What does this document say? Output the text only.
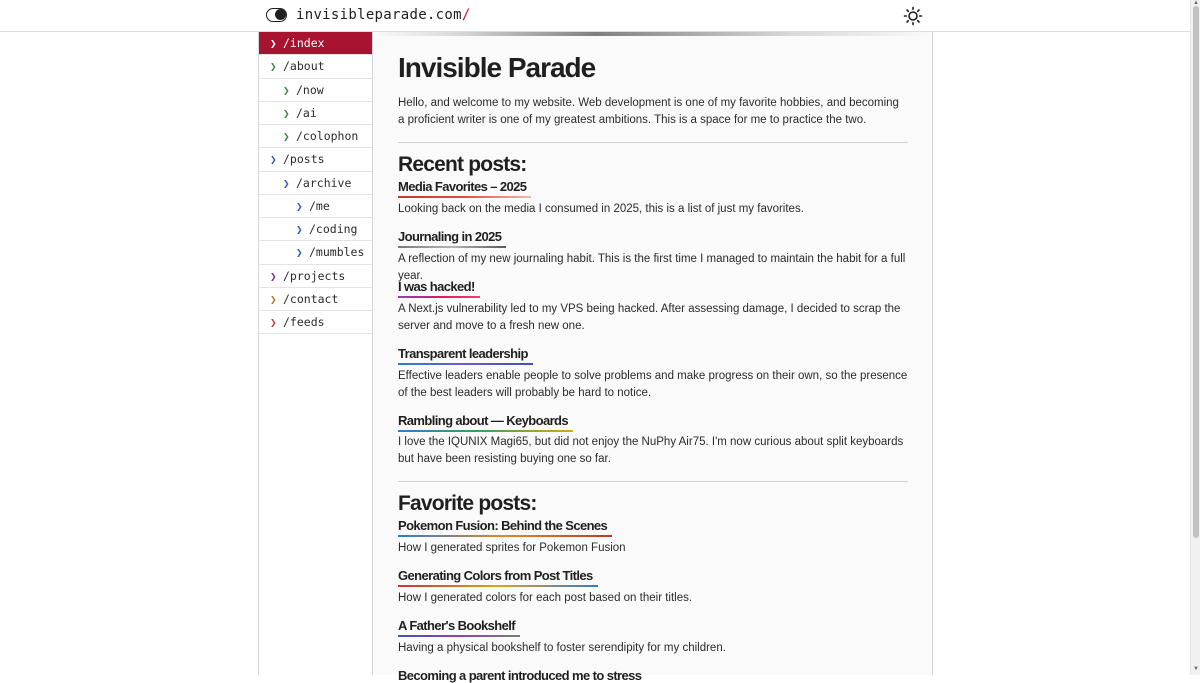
invisibleparade.com/
❯ /index
❯ /about
❯ /now
❯ /ai
❯ /colophon
❯ /posts
❯ /archive
❯ /me
❯ /coding
❯ /mumbles
❯ /projects
❯ /contact
❯ /feeds
Invisible Parade

Hello, and welcome to my website. Web development is one of my favorite hobbies, and becoming a proficient writer is one of my greatest ambitions. This is a space for me to practice the two.

Recent posts:
Media Favorites – 2025

Looking back on the media I consumed in 2025, this is a list of just my favorites.

Journaling in 2025

A reflection of my new journaling habit. This is the first time I managed to maintain the habit for a full year.

I was hacked!

A Next.js vulnerability led to my VPS being hacked. After assessing damage, I decided to scrap the server and move to a fresh new one.

Transparent leadership

Effective leaders enable people to solve problems and make progress on their own, so the presence of the best leaders will probably be hard to notice.

Rambling about — Keyboards

I love the IQUNIX Magi65, but did not enjoy the NuPhy Air75. I'm now curious about split keyboards but have been resisting buying one so far.

Favorite posts:
Pokemon Fusion: Behind the Scenes

How I generated sprites for Pokemon Fusion

Generating Colors from Post Titles

How I generated colors for each post based on their titles.

A Father's Bookshelf

Having a physical bookshelf to foster serendipity for my children.

Becoming a parent introduced me to stress
▲
▼
